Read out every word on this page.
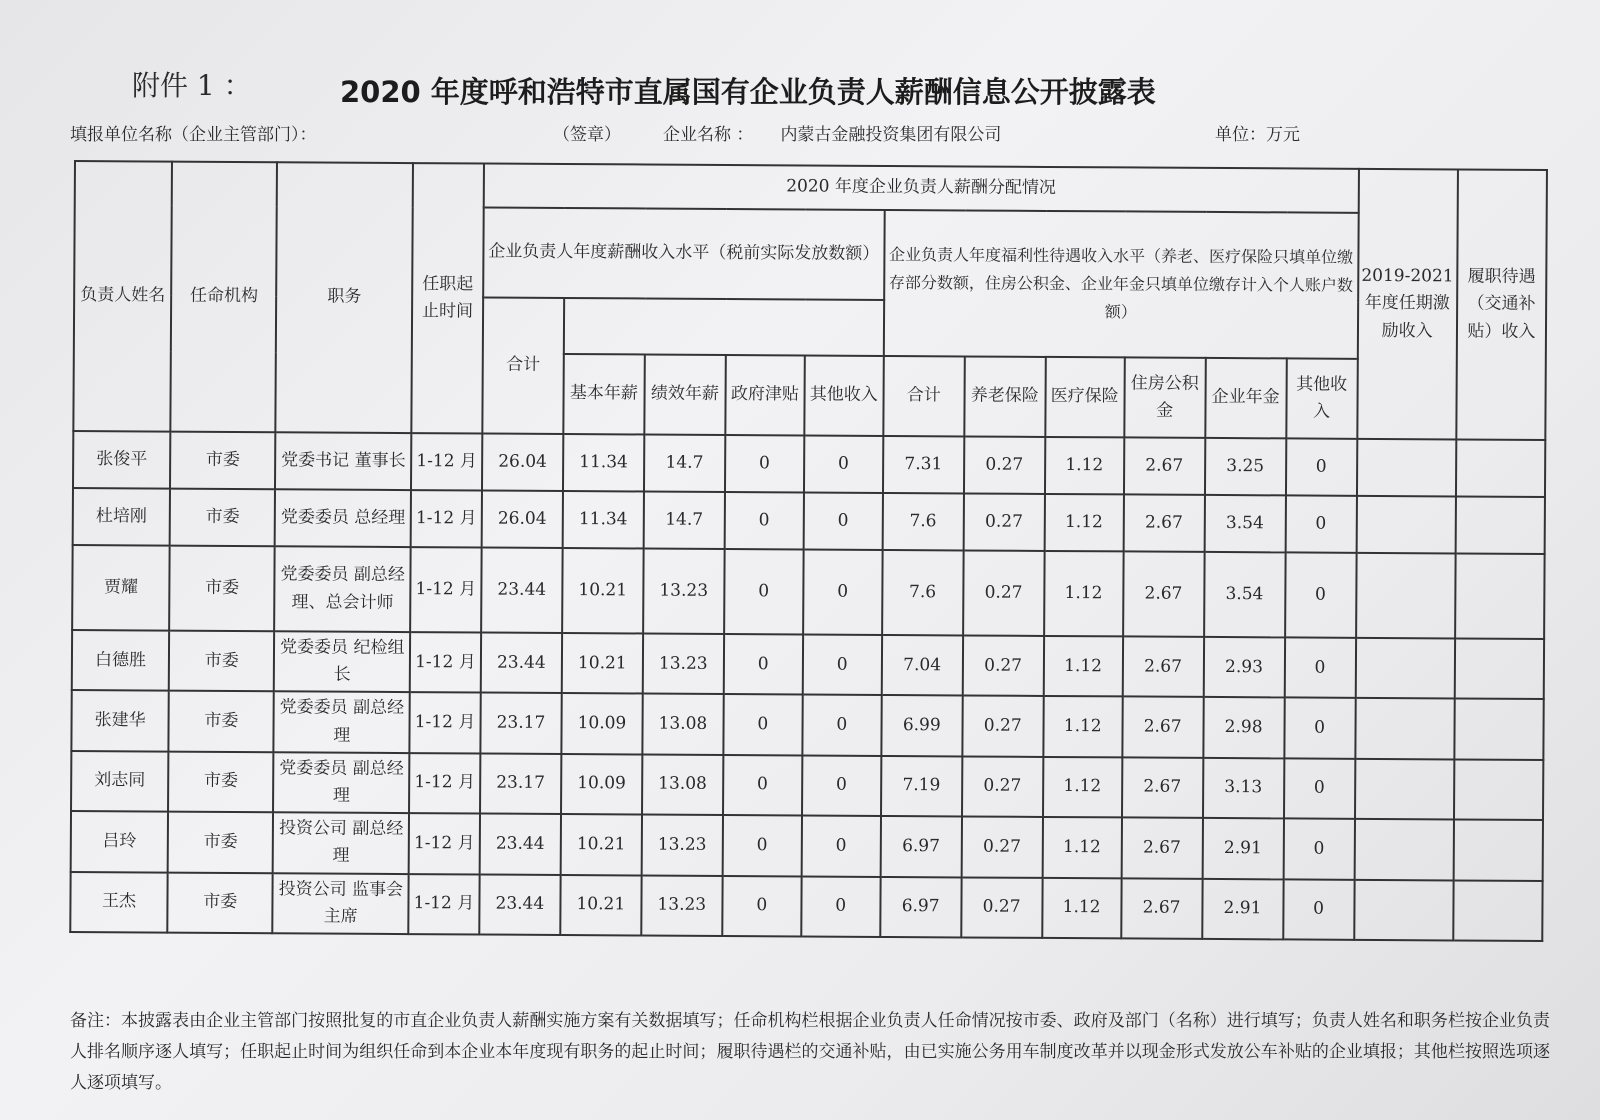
附件 1 ：	2020 年度呼和浩特市直属国有企业负责人薪酬信息公开披露表
填报单位名称（企业主管部门）：	（签章） 企业名称 ： 内蒙古金融投资集团有限公司	单位：万元
负责人姓名	任命机构	职务	任职起止时间	2020 年度企业负责人薪酬分配情况											2019-2021 年度任期激励收入	履职待遇（交通补贴）收入
				企业负责人年度薪酬收入水平（税前实际发放数额）					企业负责人年度福利性待遇收入水平（养老、医疗保险只填单位缴存部分数额，住房公积金、企业年金只填单位缴存计入个人账户数额）							
				合计												
					基本年薪	绩效年薪	政府津贴	其他收入	合计	养老保险	医疗保险	住房公积金	企业年金	其他收入		
张俊平	市委	党委书记 董事长	1-12 月	26.04	11.34	14.7	0	0	7.31	0.27	1.12	2.67	3.25	0		
杜培刚	市委	党委委员 总经理	1-12 月	26.04	11.34	14.7	0	0	7.6	0.27	1.12	2.67	3.54	0		
贾耀	市委	党委委员 副总经理、总会计师	1-12 月	23.44	10.21	13.23	0	0	7.6	0.27	1.12	2.67	3.54	0		
白德胜	市委	党委委员 纪检组长	1-12 月	23.44	10.21	13.23	0	0	7.04	0.27	1.12	2.67	2.93	0		
张建华	市委	党委委员 副总经理	1-12 月	23.17	10.09	13.08	0	0	6.99	0.27	1.12	2.67	2.98	0		
刘志同	市委	党委委员 副总经理	1-12 月	23.17	10.09	13.08	0	0	7.19	0.27	1.12	2.67	3.13	0		
吕玲	市委	投资公司 副总经理	1-12 月	23.44	10.21	13.23	0	0	6.97	0.27	1.12	2.67	2.91	0		
王杰	市委	投资公司 监事会主席	1-12 月	23.44	10.21	13.23	0	0	6.97	0.27	1.12	2.67	2.91	0		
备注：本披露表由企业主管部门按照批复的市直企业负责人薪酬实施方案有关数据填写；任命机构栏根据企业负责人任命情况按市委、政府及部门（名称）进行填写；负责人姓名和职务栏按企业负责人排名顺序逐人填写；任职起止时间为组织任命到本企业本年度现有职务的起止时间；履职待遇栏的交通补贴，由已实施公务用车制度改革并以现金形式发放公车补贴的企业填报；其他栏按照选项逐人逐项填写。
